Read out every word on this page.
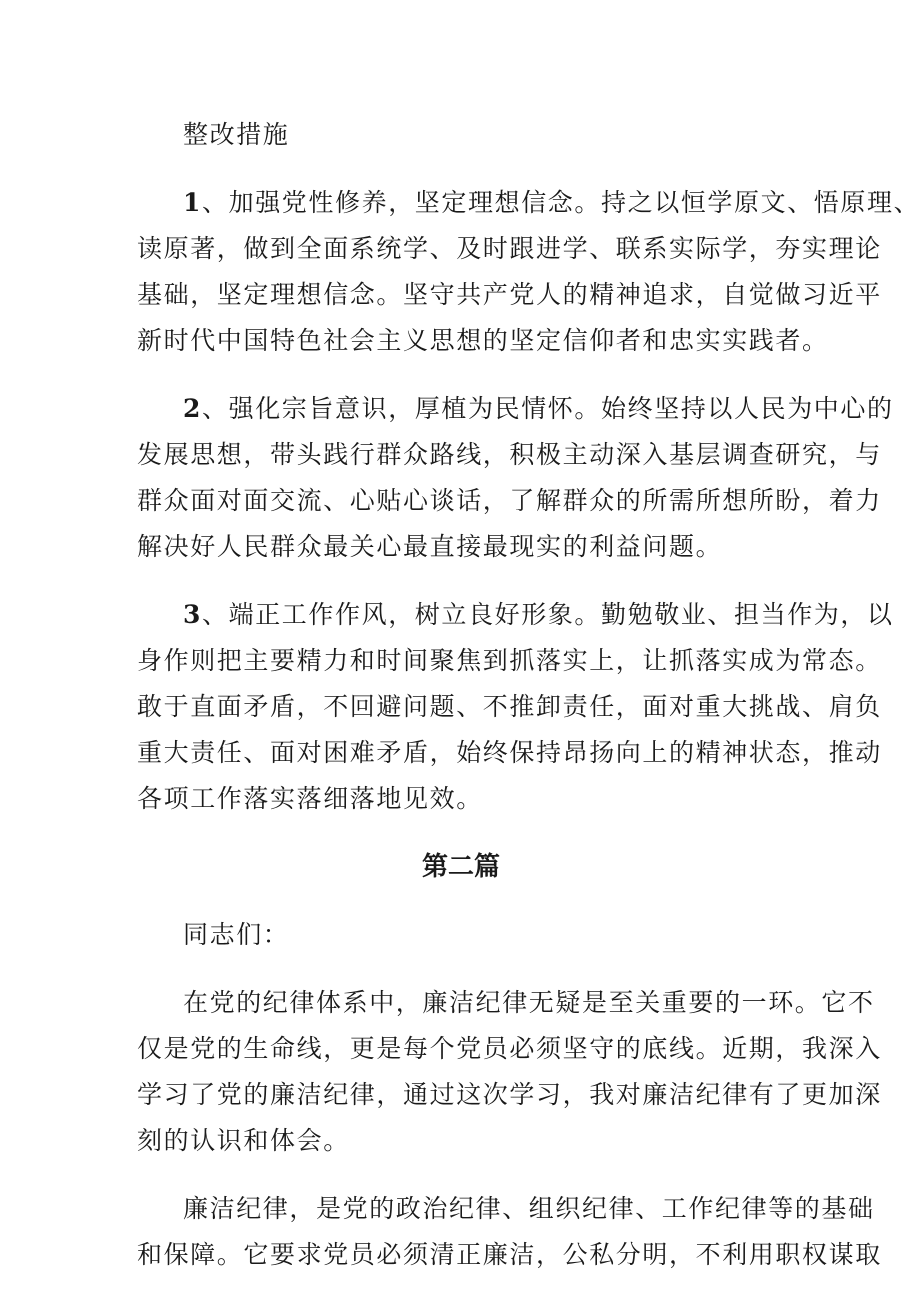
整改措施
1、加强党性修养，坚定理想信念。持之以恒学原文、悟原理、
读原著，做到全面系统学、及时跟进学、联系实际学，夯实理论
基础，坚定理想信念。坚守共产党人的精神追求，自觉做习近平
新时代中国特色社会主义思想的坚定信仰者和忠实实践者。
2、强化宗旨意识，厚植为民情怀。始终坚持以人民为中心的
发展思想，带头践行群众路线，积极主动深入基层调查研究，与
群众面对面交流、心贴心谈话，了解群众的所需所想所盼，着力
解决好人民群众最关心最直接最现实的利益问题。
3、端正工作作风，树立良好形象。勤勉敬业、担当作为，以
身作则把主要精力和时间聚焦到抓落实上，让抓落实成为常态。
敢于直面矛盾，不回避问题、不推卸责任，面对重大挑战、肩负
重大责任、面对困难矛盾，始终保持昂扬向上的精神状态，推动
各项工作落实落细落地见效。
第二篇
同志们：
在党的纪律体系中，廉洁纪律无疑是至关重要的一环。它不
仅是党的生命线，更是每个党员必须坚守的底线。近期，我深入
学习了党的廉洁纪律，通过这次学习，我对廉洁纪律有了更加深
刻的认识和体会。
廉洁纪律，是党的政治纪律、组织纪律、工作纪律等的基础
和保障。它要求党员必须清正廉洁，公私分明，不利用职权谋取
